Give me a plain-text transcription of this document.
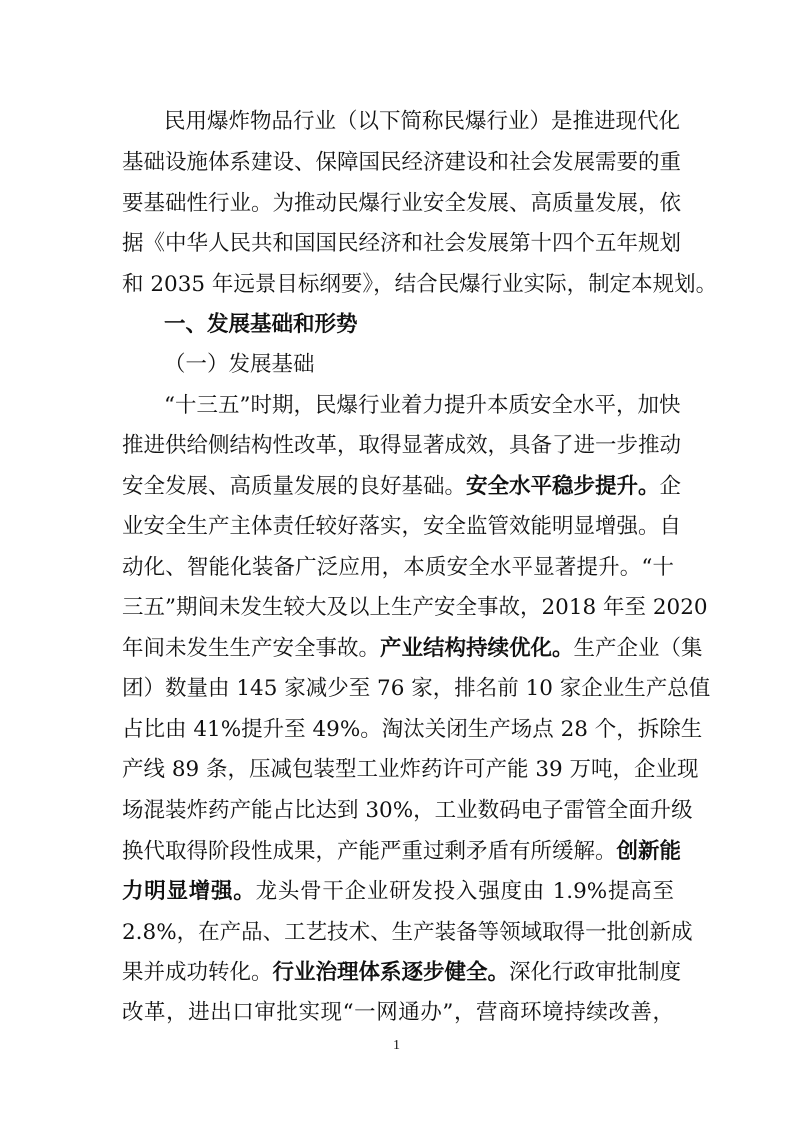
民用爆炸物品行业（以下简称民爆行业）是推进现代化
基础设施体系建设、保障国民经济建设和社会发展需要的重
要基础性行业。为推动民爆行业安全发展、高质量发展，依
据《中华人民共和国国民经济和社会发展第十四个五年规划
和 2035 年远景目标纲要》，结合民爆行业实际，制定本规划。
一、发展基础和形势
（一）发展基础
“十三五”时期，民爆行业着力提升本质安全水平，加快
推进供给侧结构性改革，取得显著成效，具备了进一步推动
安全发展、高质量发展的良好基础。安全水平稳步提升。企
业安全生产主体责任较好落实，安全监管效能明显增强。自
动化、智能化装备广泛应用，本质安全水平显著提升。“十
三五”期间未发生较大及以上生产安全事故，2018 年至 2020
年间未发生生产安全事故。产业结构持续优化。生产企业（集
团）数量由 145 家减少至 76 家，排名前 10 家企业生产总值
占比由 41%提升至 49%。淘汰关闭生产场点 28 个，拆除生
产线 89 条，压减包装型工业炸药许可产能 39 万吨，企业现
场混装炸药产能占比达到 30%，工业数码电子雷管全面升级
换代取得阶段性成果，产能严重过剩矛盾有所缓解。创新能
力明显增强。龙头骨干企业研发投入强度由 1.9%提高至
2.8%，在产品、工艺技术、生产装备等领域取得一批创新成
果并成功转化。行业治理体系逐步健全。深化行政审批制度
改革，进出口审批实现“一网通办”，营商环境持续改善，
1
